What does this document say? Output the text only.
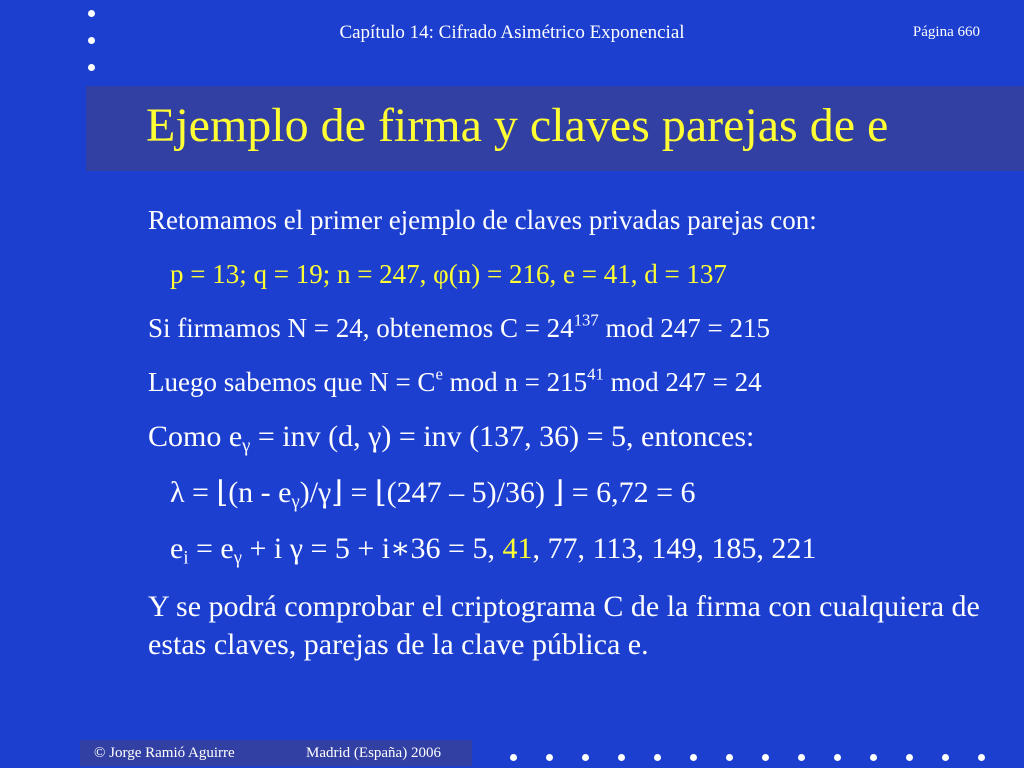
Capítulo 14: Cifrado Asimétrico Exponencial	Página 660
Ejemplo de firma y claves parejas de e
Retomamos el primer ejemplo de claves privadas parejas con:
p = 13; q = 19; n = 247, φ(n) = 216, e = 41, d = 137
Si firmamos N = 24, obtenemos $C = 24^{137}$ mod 247 = 215
Luego sabemos que $N = C^e$ mod $n = 215^{41}$ mod 247 = 24
Como $e_\gamma$ = inv (d, γ) = inv (137, 36) = 5, entonces:
λ = ⌊(n - $e_\gamma)/\gamma⌋$ = ⌊(247 – 5)/36) ⌋ = 6,72 = 6
$e_i = e_\gamma + i$ γ = 5 + i∗36 = 5, 41, 77, 113, 149, 185, 221
Y se podrá comprobar el criptograma C de la firma con cualquiera de estas claves, parejas de la clave pública e.
© Jorge Ramió Aguirre	Madrid (España) 2006
